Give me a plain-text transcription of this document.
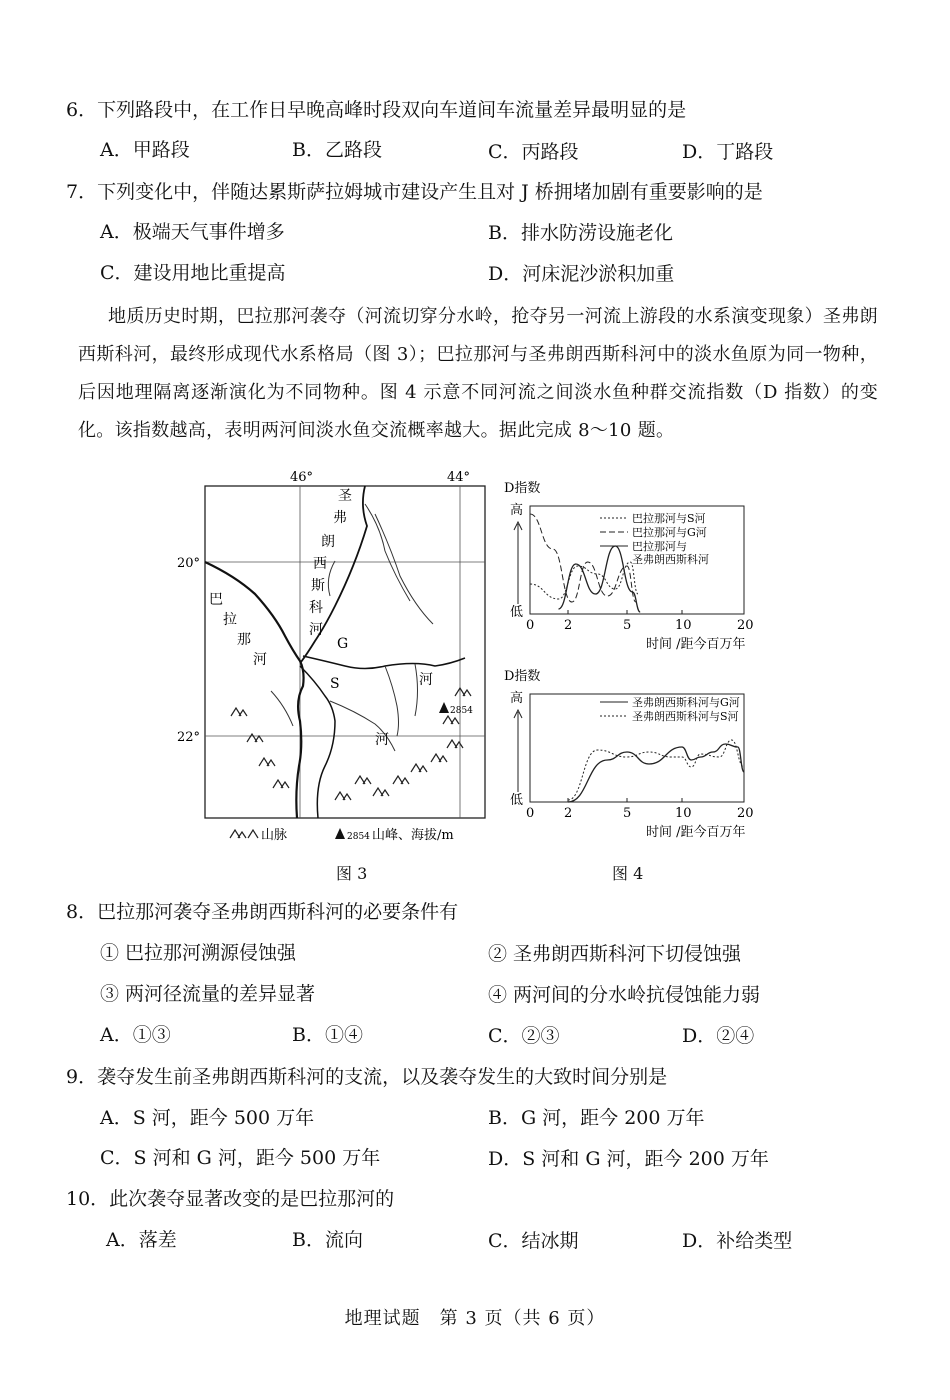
6．下列路段中，在工作日早晚高峰时段双向车道间车流量差异最明显的是
A．甲路段	B．乙路段	C．丙路段	D．丁路段
7．下列变化中，伴随达累斯萨拉姆城市建设产生且对 J 桥拥堵加剧有重要影响的是
A．极端天气事件增多	B．排水防涝设施老化
C．建设用地比重提高	D．河床泥沙淤积加重

地质历史时期，巴拉那河袭夺（河流切穿分水岭，抢夺另一河流上游段的水系演变现象）圣弗朗西斯科河，最终形成现代水系格局（图 3）；巴拉那河与圣弗朗西斯科河中的淡水鱼原为同一物种，后因地理隔离逐渐演化为不同物种。图 4 示意不同河流之间淡水鱼种群交流指数（D 指数）的变化。该指数越高，表明两河间淡水鱼交流概率越大。据此完成 8～10 题。

46°	44°
20°
22°
圣
弗
朗
西
斯
科
河
巴
拉
那
河
G
S	河
河
2854
山脉	2854 山峰、海拔/m
图 3
D指数
高
低
0 2	5	10	20
时间 /距今百万年
巴拉那河与S河
巴拉那河与G河
巴拉那河与
圣弗朗西斯科河
D指数
高
低
0 2	5	10	20
时间 /距今百万年
圣弗朗西斯科河与G河
圣弗朗西斯科河与S河
图 4
8．巴拉那河袭夺圣弗朗西斯科河的必要条件有
① 巴拉那河溯源侵蚀强	② 圣弗朗西斯科河下切侵蚀强
③ 两河径流量的差异显著	④ 两河间的分水岭抗侵蚀能力弱
A．①③	B．①④	C．②③	D．②④
9．袭夺发生前圣弗朗西斯科河的支流，以及袭夺发生的大致时间分别是
A．S 河，距今 500 万年	B．G 河，距今 200 万年
C．S 河和 G 河，距今 500 万年	D．S 河和 G 河，距今 200 万年
10．此次袭夺显著改变的是巴拉那河的
A．落差	B．流向	C．结冰期	D．补给类型
地理试题　第 3 页（共 6 页）
